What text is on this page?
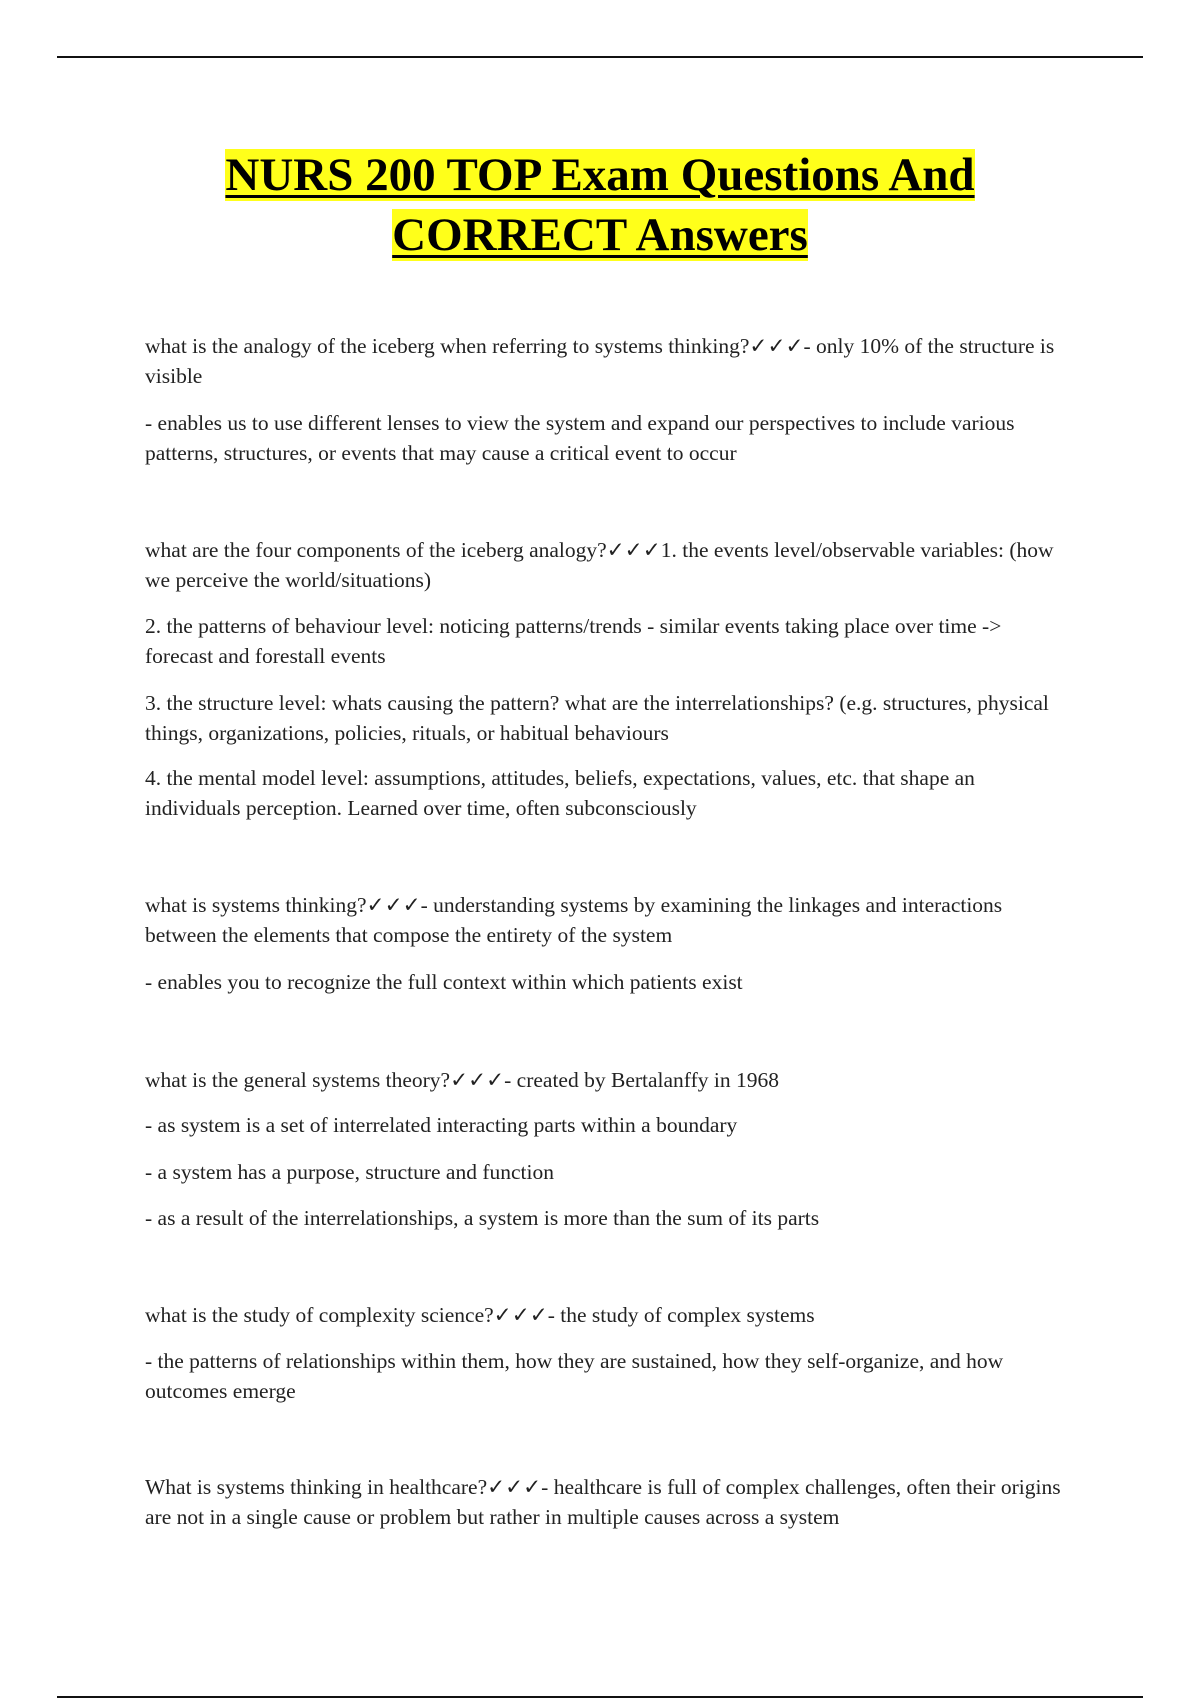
NURS 200 TOP Exam Questions And
CORRECT Answers

what is the analogy of the iceberg when referring to systems thinking?✓✓✓- only 10% of the structure is visible

- enables us to use different lenses to view the system and expand our perspectives to include various patterns, structures, or events that may cause a critical event to occur

what are the four components of the iceberg analogy?✓✓✓1. the events level/observable variables: (how we perceive the world/situations)

2. the patterns of behaviour level: noticing patterns/trends - similar events taking place over time -> forecast and forestall events

3. the structure level: whats causing the pattern? what are the interrelationships? (e.g. structures, physical things, organizations, policies, rituals, or habitual behaviours

4. the mental model level: assumptions, attitudes, beliefs, expectations, values, etc. that shape an individuals perception. Learned over time, often subconsciously

what is systems thinking?✓✓✓- understanding systems by examining the linkages and interactions between the elements that compose the entirety of the system

- enables you to recognize the full context within which patients exist

what is the general systems theory?✓✓✓- created by Bertalanffy in 1968

- as system is a set of interrelated interacting parts within a boundary

- a system has a purpose, structure and function

- as a result of the interrelationships, a system is more than the sum of its parts

what is the study of complexity science?✓✓✓- the study of complex systems

- the patterns of relationships within them, how they are sustained, how they self-organize, and how outcomes emerge

What is systems thinking in healthcare?✓✓✓- healthcare is full of complex challenges, often their origins are not in a single cause or problem but rather in multiple causes across a system
